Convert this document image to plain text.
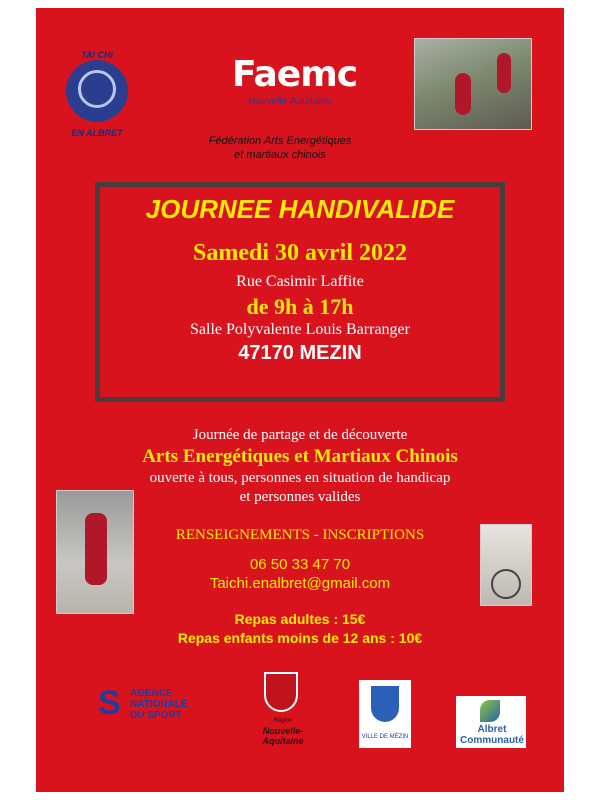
TAI CHI
EN ALBRET
Faemc
Nouvelle-Aquitaine
Fédération Arts Energétiques
et martiaux chinois
JOURNEE HANDIVALIDE
Samedi 30 avril 2022
Rue Casimir Laffite
de 9h à 17h
Salle Polyvalente Louis Barranger
47170 MEZIN
Journée de partage et de découverte
Arts Energétiques et Martiaux Chinois
ouverte à tous, personnes en situation de handicap
et personnes valides
RENSEIGNEMENTS - INSCRIPTIONS
06 50 33 47 70
Taichi.enalbret@gmail.com
Repas adultes : 15€
Repas enfants moins de 12 ans : 10€
S AGENCE
NATIONALE
DU SPORT	Région
Nouvelle-
Aquitaine	VILLE DE MÉZIN
Albret
Communauté
